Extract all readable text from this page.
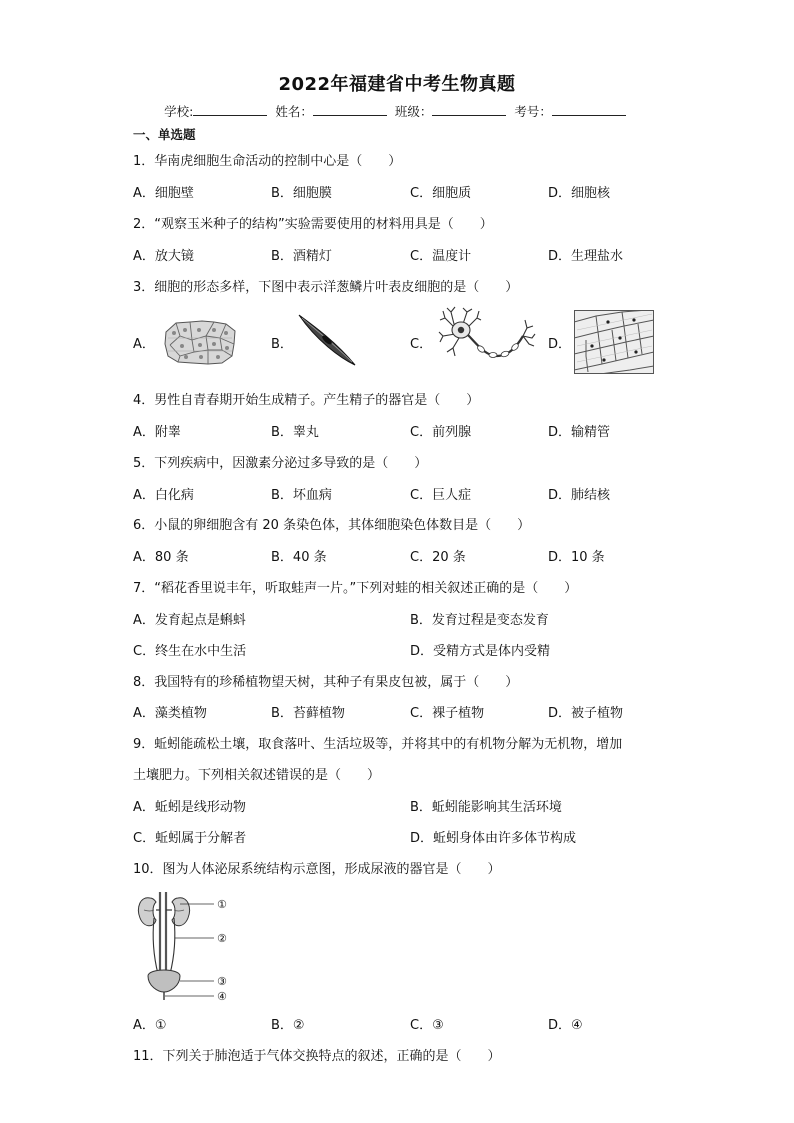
2022年福建省中考生物真题
学校:	姓名：	班级：	考号：
一、单选题
1．华南虎细胞生命活动的控制中心是（　　）
A．细胞壁	B．细胞膜	C．细胞质	D．细胞核
2．“观察玉米种子的结构”实验需要使用的材料用具是（　　）
A．放大镜	B．酒精灯	C．温度计	D．生理盐水
3．细胞的形态多样，下图中表示洋葱鳞片叶表皮细胞的是（　　）
A．	B．	C．	D．
4．男性自青春期开始生成精子。产生精子的器官是（　　）
A．附睾	B．睾丸	C．前列腺	D．输精管
5．下列疾病中，因激素分泌过多导致的是（　　）
A．白化病	B．坏血病	C．巨人症	D．肺结核
6．小鼠的卵细胞含有 20 条染色体，其体细胞染色体数目是（　　）
A．80 条	B．40 条	C．20 条	D．10 条
7．“稻花香里说丰年，听取蛙声一片。”下列对蛙的相关叙述正确的是（　　）
A．发育起点是蝌蚪	B．发育过程是变态发育
C．终生在水中生活	D．受精方式是体内受精
8．我国特有的珍稀植物望天树，其种子有果皮包被，属于（　　）
A．藻类植物	B．苔藓植物	C．裸子植物	D．被子植物
9．蚯蚓能疏松土壤，取食落叶、生活垃圾等，并将其中的有机物分解为无机物，增加
土壤肥力。下列相关叙述错误的是（　　）
A．蚯蚓是线形动物	B．蚯蚓能影响其生活环境
C．蚯蚓属于分解者	D．蚯蚓身体由许多体节构成
10．图为人体泌尿系统结构示意图，形成尿液的器官是（　　）
①
②
③
④
A．①	B．②	C．③	D．④
11．下列关于肺泡适于气体交换特点的叙述，正确的是（　　）
